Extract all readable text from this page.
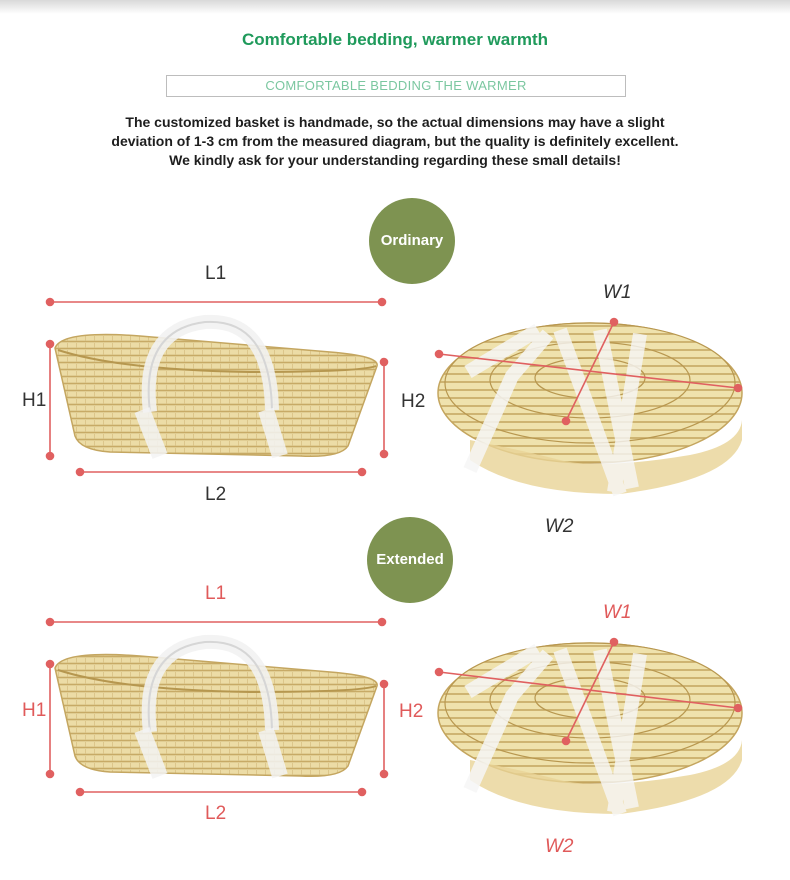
Comfortable bedding, warmer warmth
COMFORTABLE BEDDING THE WARMER
The customized basket is handmade, so the actual dimensions may have a slight deviation of 1-3 cm from the measured diagram, but the quality is definitely excellent. We kindly ask for your understanding regarding these small details!
Ordinary
Extended
L1
L2
H1	H2
W1
W2
L1
L2
H1	H2
W1
W2
